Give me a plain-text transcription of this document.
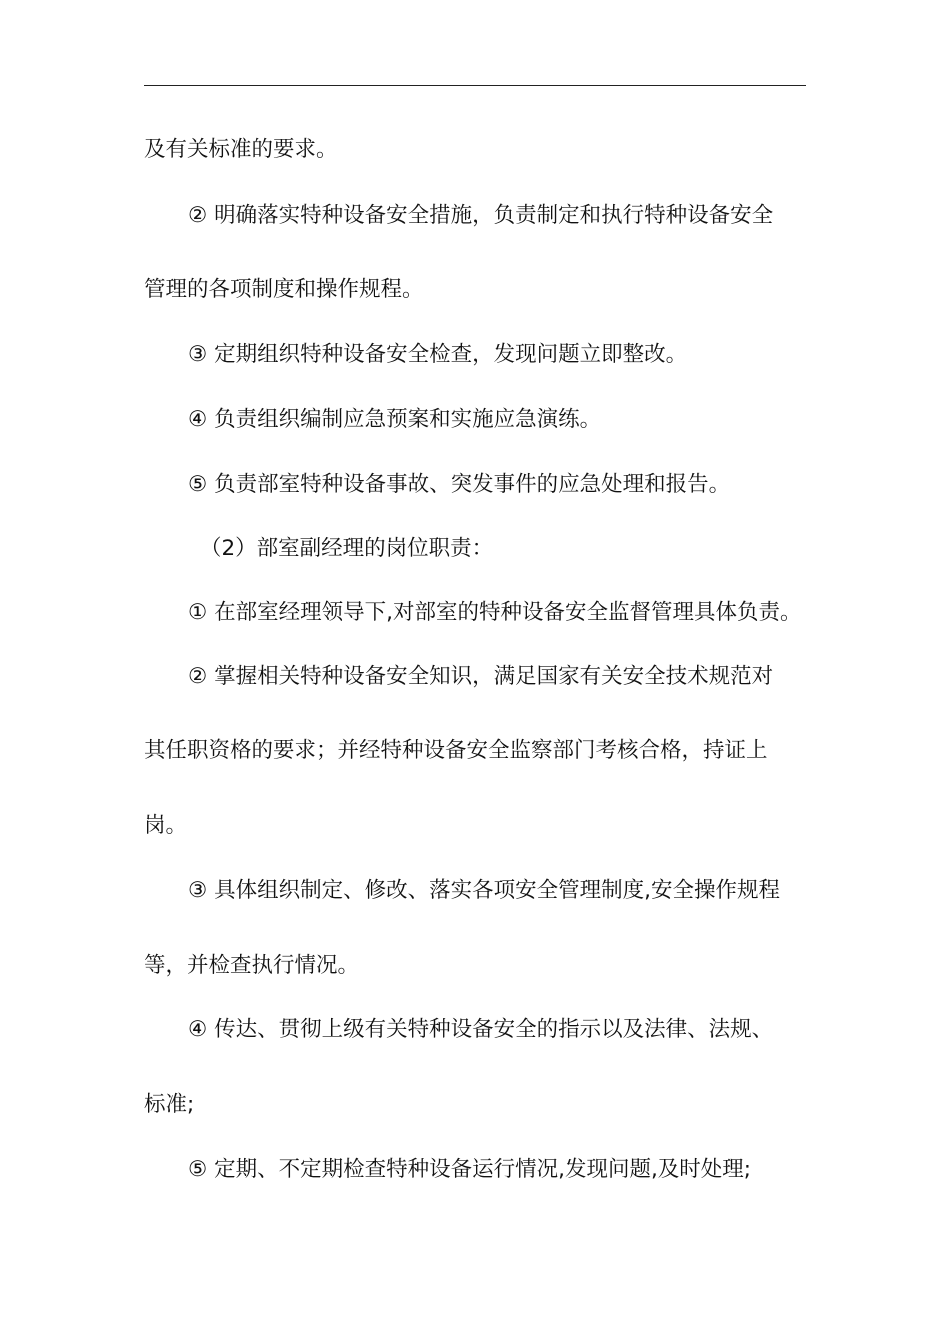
及有关标准的要求。
② 明确落实特种设备安全措施，负责制定和执行特种设备安全
管理的各项制度和操作规程。
③ 定期组织特种设备安全检查，发现问题立即整改。
④ 负责组织编制应急预案和实施应急演练。
⑤ 负责部室特种设备事故、突发事件的应急处理和报告。
（2）部室副经理的岗位职责：
① 在部室经理领导下,对部室的特种设备安全监督管理具体负责。
② 掌握相关特种设备安全知识，满足国家有关安全技术规范对
其任职资格的要求；并经特种设备安全监察部门考核合格，持证上
岗。
③ 具体组织制定、修改、落实各项安全管理制度,安全操作规程
等，并检查执行情况。
④ 传达、贯彻上级有关特种设备安全的指示以及法律、法规、
标准;
⑤ 定期、不定期检查特种设备运行情况,发现问题,及时处理;
